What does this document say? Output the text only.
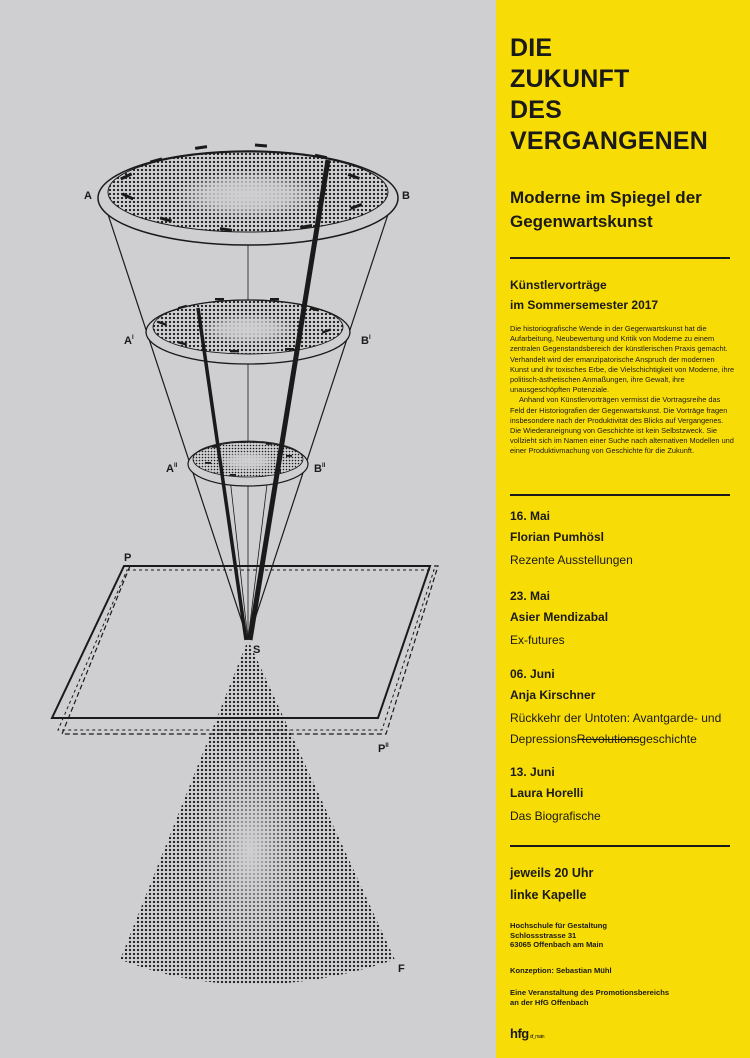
A	B
$A^I$	$B^I$
$A^{II}$	$B^{II}$
P
$P^{II}$
S
F
DIE
ZUKUNFT
DES
VERGANGENEN
Moderne im Spiegel der Gegenwartskunst
Künstlervorträge
im Sommersemester 2017

Die historiografische Wende in der Gegenwartskunst hat die Aufarbeitung, Neubewertung und Kritik von Moderne zu einem zentralen Gegenstandsbereich der künstlerischen Praxis gemacht. Verhandelt wird der emanzipatorische Anspruch der modernen Kunst und ihr toxisches Erbe, die Vielschichtigkeit von Moderne, ihre politisch-ästhetischen Anmaßungen, ihre Gewalt, ihre unausgeschöpften Potenziale.

Anhand von Künstlervorträgen vermisst die Vortragsreihe das Feld der Historiografien der Gegenwartskunst. Die Vorträge fragen insbesondere nach der Produktivität des Blicks auf Vergangenes. Die Wiederaneignung von Geschichte ist kein Selbstzweck. Sie vollzieht sich im Namen einer Suche nach alternativen Modellen und einer Produktivmachung von Geschichte für die Zukunft.

16. Mai
Florian Pumhösl
Rezente Ausstellungen
23. Mai
Asier Mendizabal
Ex-futures
06. Juni
Anja Kirschner
Rückkehr der Untoten: Avantgarde- und
DepressionsRevolutionsgeschichte
13. Juni
Laura Horelli
Das Biografische
jeweils 20 Uhr
linke Kapelle
Hochschule für Gestaltung
Schlossstrasse 31
63065 Offenbach am Main
Konzeption: Sebastian Mühl
Eine Veranstaltung des Promotionsbereichs
an der HfG Offenbach
hfgof_main
